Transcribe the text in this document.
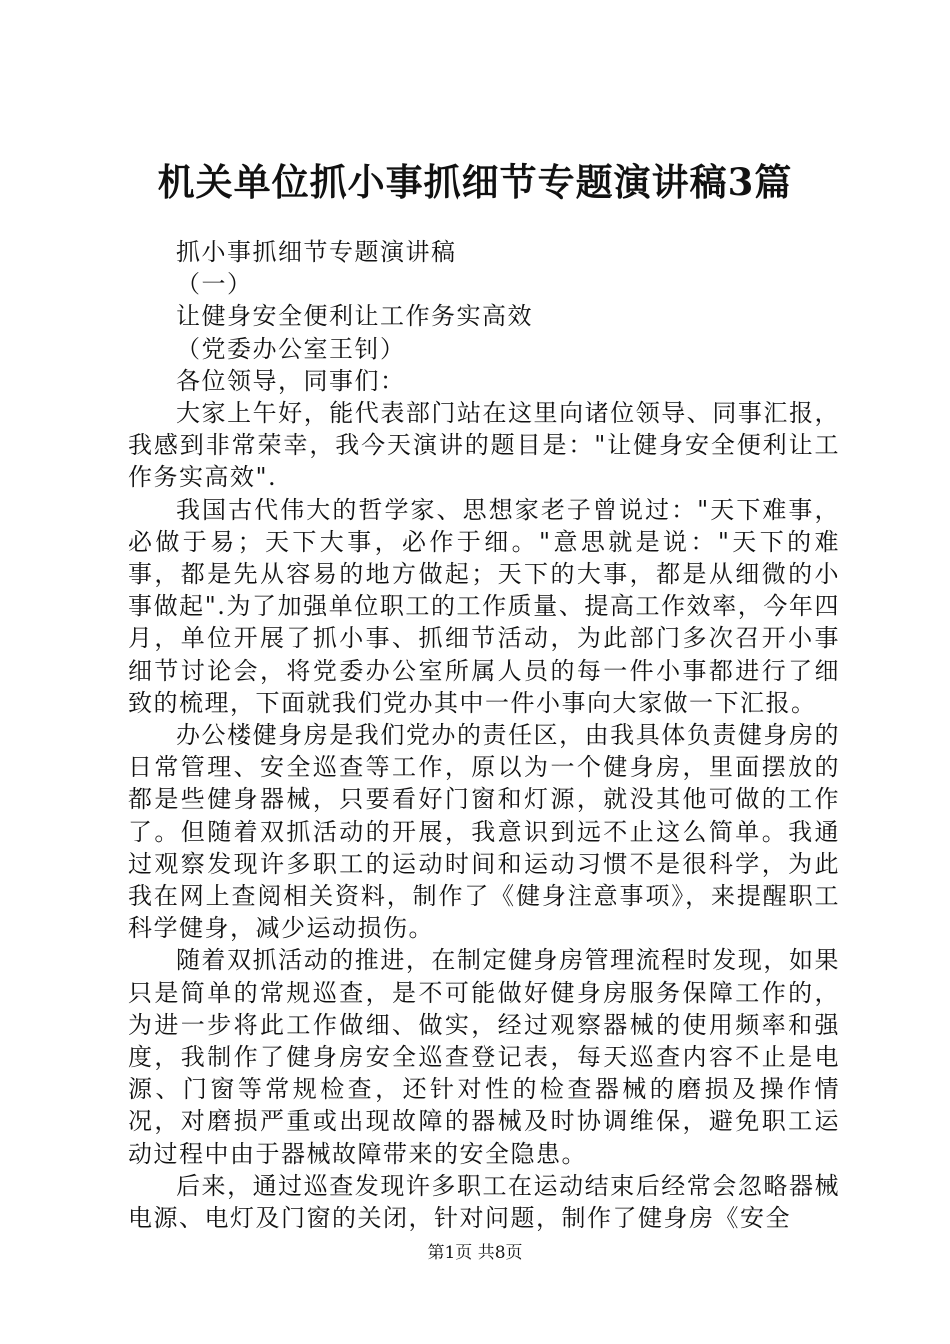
机关单位抓小事抓细节专题演讲稿3篇

抓小事抓细节专题演讲稿

（一）

让健身安全便利让工作务实高效

（党委办公室王钊）

各位领导，同事们：

大家上午好，能代表部门站在这里向诸位领导、同事汇报，我感到非常荣幸，我今天演讲的题目是："让健身安全便利让工作务实高效".

我国古代伟大的哲学家、思想家老子曾说过："天下难事，必做于易；天下大事，必作于细。"意思就是说："天下的难事，都是先从容易的地方做起；天下的大事，都是从细微的小事做起".为了加强单位职工的工作质量、提高工作效率，今年四月，单位开展了抓小事、抓细节活动，为此部门多次召开小事细节讨论会，将党委办公室所属人员的每一件小事都进行了细致的梳理，下面就我们党办其中一件小事向大家做一下汇报。

办公楼健身房是我们党办的责任区，由我具体负责健身房的日常管理、安全巡查等工作，原以为一个健身房，里面摆放的都是些健身器械，只要看好门窗和灯源，就没其他可做的工作了。但随着双抓活动的开展，我意识到远不止这么简单。我通过观察发现许多职工的运动时间和运动习惯不是很科学，为此我在网上查阅相关资料，制作了《健身注意事项》，来提醒职工科学健身，减少运动损伤。

随着双抓活动的推进，在制定健身房管理流程时发现，如果只是简单的常规巡查，是不可能做好健身房服务保障工作的，为进一步将此工作做细、做实，经过观察器械的使用频率和强度，我制作了健身房安全巡查登记表，每天巡查内容不止是电源、门窗等常规检查，还针对性的检查器械的磨损及操作情况，对磨损严重或出现故障的器械及时协调维保，避免职工运动过程中由于器械故障带来的安全隐患。

后来，通过巡查发现许多职工在运动结束后经常会忽略器械电源、电灯及门窗的关闭，针对问题，制作了健身房《安全

第1页 共8页
